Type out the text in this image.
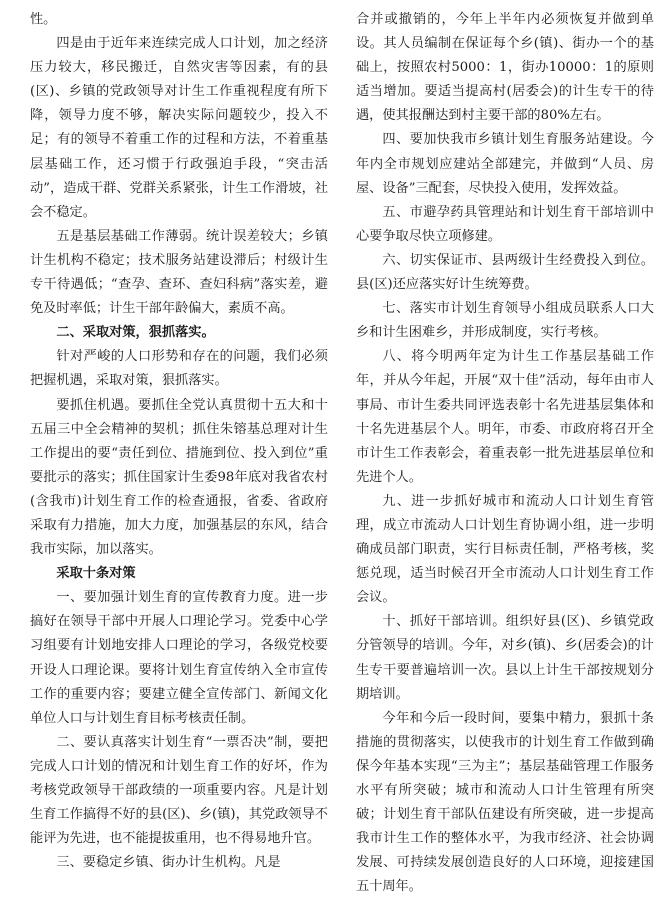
性。

四是由于近年来连续完成人口计划，加之经济压力较大，移民搬迁，自然灾害等因素，有的县(区)、乡镇的党政领导对计生工作重视程度有所下降，领导力度不够，解决实际问题较少，投入不足；有的领导不着重工作的过程和方法，不着重基层基础工作，还习惯于行政强迫手段，“突击活动”，造成干群、党群关系紧张，计生工作滑坡，社会不稳定。

五是基层基础工作薄弱。统计误差较大；乡镇计生机构不稳定；技术服务站建设滞后；村级计生专干待遇低；“查孕、查环、查妇科病”落实差，避免及时率低；计生干部年龄偏大，素质不高。

二、采取对策，狠抓落实。

针对严峻的人口形势和存在的问题，我们必须把握机遇，采取对策，狠抓落实。

要抓住机遇。要抓住全党认真贯彻十五大和十五届三中全会精神的契机；抓住朱镕基总理对计生工作提出的要“责任到位、措施到位、投入到位”重要批示的落实；抓住国家计生委98年底对我省农村(含我市)计划生育工作的检查通报，省委、省政府采取有力措施，加大力度，加强基层的东风，结合我市实际，加以落实。

采取十条对策

一、要加强计划生育的宣传教育力度。进一步搞好在领导干部中开展人口理论学习。党委中心学习组要有计划地安排人口理论的学习，各级党校要开设人口理论课。要将计划生育宣传纳入全市宣传工作的重要内容；要建立健全宣传部门、新闻文化单位人口与计划生育目标考核责任制。

二、要认真落实计划生育“一票否决”制，要把完成人口计划的情况和计划生育工作的好坏，作为考核党政领导干部政绩的一项重要内容。凡是计划生育工作搞得不好的县(区)、乡(镇)，其党政领导不能评为先进，也不能提拔重用，也不得易地升官。

三、要稳定乡镇、街办计生机构。凡是

合并或撤销的，今年上半年内必须恢复并做到单设。其人员编制在保证每个乡(镇)、街办一个的基础上，按照农村5000：1，街办10000：1的原则适当增加。要适当提高村(居委会)的计生专干的待遇，使其报酬达到村主要干部的80%左右。

四、要加快我市乡镇计划生育服务站建设。今年内全市规划应建站全部建完，并做到“人员、房屋、设备”三配套，尽快投入使用，发挥效益。

五、市避孕药具管理站和计划生育干部培训中心要争取尽快立项修建。

六、切实保证市、县两级计生经费投入到位。县(区)还应落实好计生统筹费。

七、落实市计划生育领导小组成员联系人口大乡和计生困难乡，并形成制度，实行考核。

八、将今明两年定为计生工作基层基础工作年，并从今年起，开展“双十佳”活动，每年由市人事局、市计生委共同评选表彰十名先进基层集体和十名先进基层个人。明年，市委、市政府将召开全市计生工作表彰会，着重表彰一批先进基层单位和先进个人。

九、进一步抓好城市和流动人口计划生育管理，成立市流动人口计划生育协调小组，进一步明确成员部门职责，实行目标责任制，严格考核，奖惩兑现，适当时候召开全市流动人口计划生育工作会议。

十、抓好干部培训。组织好县(区)、乡镇党政分管领导的培训。今年，对乡(镇)、乡(居委会)的计生专干要普遍培训一次。县以上计生干部按规划分期培训。

今年和今后一段时间，要集中精力，狠抓十条措施的贯彻落实，以使我市的计划生育工作做到确保今年基本实现“三为主”；基层基础管理工作服务水平有所突破；城市和流动人口计生管理有所突破；计划生育干部队伍建设有所突破，进一步提高我市计生工作的整体水平，为我市经济、社会协调发展、可持续发展创造良好的人口环境，迎接建国五十周年。
